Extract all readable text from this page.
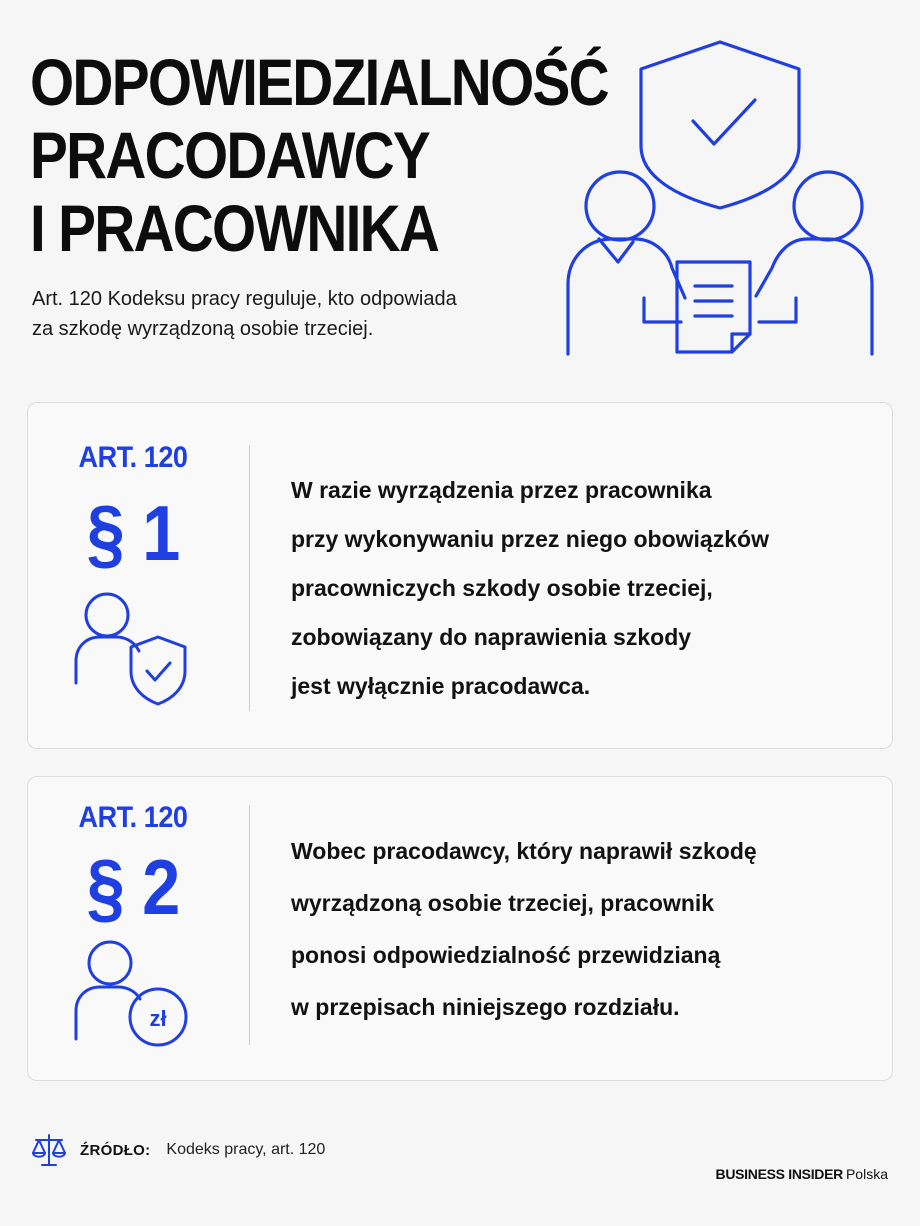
ODPOWIEDZIALNOŚĆ
PRACODAWCY
I PRACOWNIKA

Art. 120 Kodeksu pracy reguluje, kto odpowiada
za szkodę wyrządzoną osobie trzeciej.

ART. 120
§ 1	W razie wyrządzenia przez pracownika
przy wykonywaniu przez niego obowiązków
pracowniczych szkody osobie trzeciej,
zobowiązany do naprawienia szkody
jest wyłącznie pracodawca.
ART. 120
§ 2
zł
Wobec pracodawcy, który naprawił szkodę
wyrządzoną osobie trzeciej, pracownik
ponosi odpowiedzialność przewidzianą
w przepisach niniejszego rozdziału.
ŹRÓDŁO: Kodeks pracy, art. 120
BUSINESS INSIDER Polska
